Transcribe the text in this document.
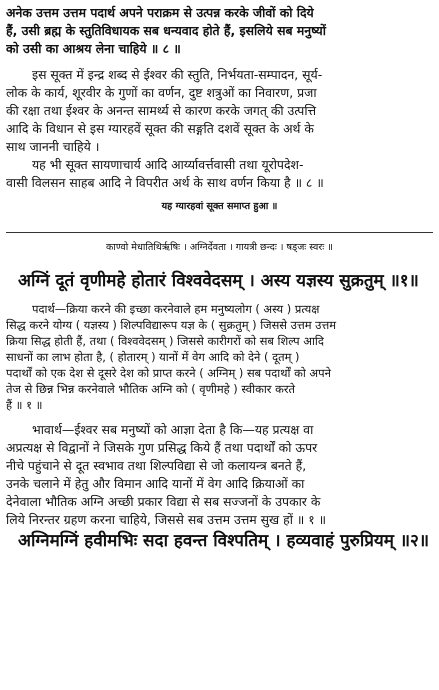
अनेक उत्तम उत्तम पदार्थ अपने पराक्रम से उत्पन्न करके जीवों को दिये
हैं, उसी ब्रह्म के स्तुतिविधायक सब धन्यवाद होते हैं, इसलिये सब मनुष्यों
को उसी का आश्रय लेना चाहिये ॥ ८ ॥
इस सूक्त में इन्द्र शब्द से ईश्वर की स्तुति, निर्भयता-सम्पादन, सूर्य-
लोक के कार्य, शूरवीर के गुणों का वर्णन, दुष्ट शत्रुओं का निवारण, प्रजा
की रक्षा तथा ईश्वर के अनन्त सामर्थ्य से कारण करके जगत् की उत्पत्ति
आदि के विधान से इस ग्यारहवें सूक्त की सङ्गति दशवें सूक्त के अर्थ के
साथ जाननी चाहिये ।
यह भी सूक्त सायणाचार्य आदि आर्य्यावर्त्तवासी तथा यूरोपदेश-
वासी विलसन साहब आदि ने विपरीत अर्थ के साथ वर्णन किया है ॥ ८ ॥
यह ग्यारहवां सूक्त समाप्त हुआ ॥
काण्वो मेधातिथिर्ऋषिः । अग्निर्देवता । गायत्री छन्दः । षड्जः स्वरः ॥
अग्निं दूतं वृणीमहे होतारं विश्ववेदसम् । अस्य यज्ञस्य सुक्रतुम् ॥१॥
पदार्थ—क्रिया करने की इच्छा करनेवाले हम मनुष्यलोग ( अस्य ) प्रत्यक्ष
सिद्ध करने योग्य ( यज्ञस्य ) शिल्पविद्यारूप यज्ञ के ( सुक्रतुम् ) जिससे उत्तम उत्तम
क्रिया सिद्ध होती हैं, तथा ( विश्ववेदसम् ) जिससे कारीगरों को सब शिल्प आदि
साधनों का लाभ होता है, ( होतारम् ) यानों में वेग आदि को देने ( दूतम् )
पदार्थों को एक देश से दूसरे देश को प्राप्त करने ( अग्निम् ) सब पदार्थों को अपने
तेज से छिन्न भिन्न करनेवाले भौतिक अग्नि को ( वृणीमहे ) स्वीकार करते
हैं ॥ १ ॥
भावार्थ—ईश्वर सब मनुष्यों को आज्ञा देता है कि—यह प्रत्यक्ष वा
अप्रत्यक्ष से विद्वानों ने जिसके गुण प्रसिद्ध किये हैं तथा पदार्थों को ऊपर
नीचे पहुंचाने से दूत स्वभाव तथा शिल्पविद्या से जो कलायन्त्र बनते हैं,
उनके चलाने में हेतु और विमान आदि यानों में वेग आदि क्रियाओं का
देनेवाला भौतिक अग्नि अच्छी प्रकार विद्या से सब सज्जनों के उपकार के
लिये निरन्तर ग्रहण करना चाहिये, जिससे सब उत्तम उत्तम सुख हों ॥ १ ॥
अग्निमग्निं हवीमभिः सदा हवन्त विश्पतिम् । हव्यवाहं पुरुप्रियम् ॥२॥
